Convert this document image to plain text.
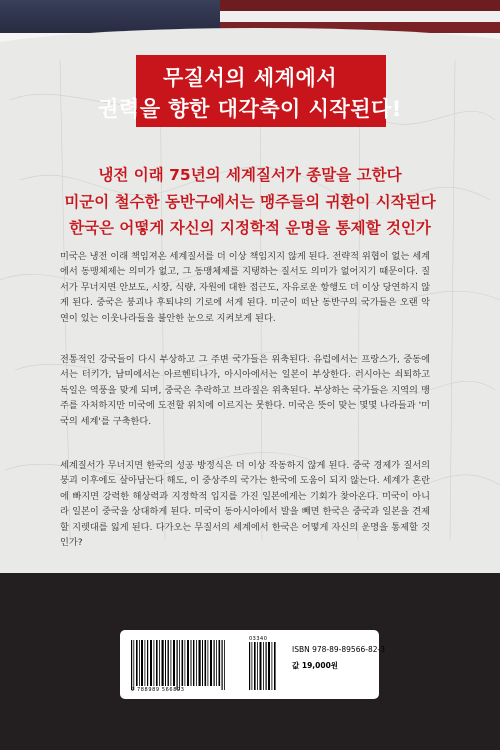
무질서의 세계에서
권력을 향한 대각축이 시작된다!
냉전 이래 75년의 세계질서가 종말을 고한다
미군이 철수한 동반구에서는 맹주들의 귀환이 시작된다
한국은 어떻게 자신의 지정학적 운명을 통제할 것인가
미국은 냉전 이래 책임져온 세계질서를 더 이상 책임지지 않게 된다. 전략적 위협이 없는 세계에서 동맹체제는 의미가 없고, 그 동맹체제를 지탱하는 질서도 의미가 없어지기 때문이다. 질서가 무너지면 안보도, 시장, 식량, 자원에 대한 접근도, 자유로운 항행도 더 이상 당연하지 않게 된다. 중국은 붕괴나 후퇴냐의 기로에 서게 된다. 미군이 떠난 동반구의 국가들은 오랜 악연이 있는 이웃나라들을 불안한 눈으로 지켜보게 된다.
전통적인 강국들이 다시 부상하고 그 주변 국가들은 위축된다. 유럽에서는 프랑스가, 중동에서는 터키가, 남미에서는 아르헨티나가, 아시아에서는 일본이 부상한다. 러시아는 쇠퇴하고 독일은 역풍을 맞게 되며, 중국은 추락하고 브라질은 위축된다. 부상하는 국가들은 지역의 맹주를 자처하지만 미국에 도전할 위치에 이르지는 못한다. 미국은 뜻이 맞는 몇몇 나라들과 '미국의 세계'를 구축한다.
세계질서가 무너지면 한국의 성공 방정식은 더 이상 작동하지 않게 된다. 중국 경제가 질서의 붕괴 이후에도 살아남는다 해도, 이 중상주의 국가는 한국에 도움이 되지 않는다. 세계가 혼란에 빠지면 강력한 해상력과 지정학적 입지를 가진 일본에게는 기회가 찾아온다. 미국이 아니라 일본이 중국을 상대하게 된다. 미국이 동아시아에서 발을 빼면 한국은 중국과 일본을 견제할 지렛대를 잃게 된다. 다가오는 무질서의 세계에서 한국은 어떻게 자신의 운명을 통제할 것인가?
03340
ISBN 978-89-89566-82-3
값 19,000원
9 788989 566823
